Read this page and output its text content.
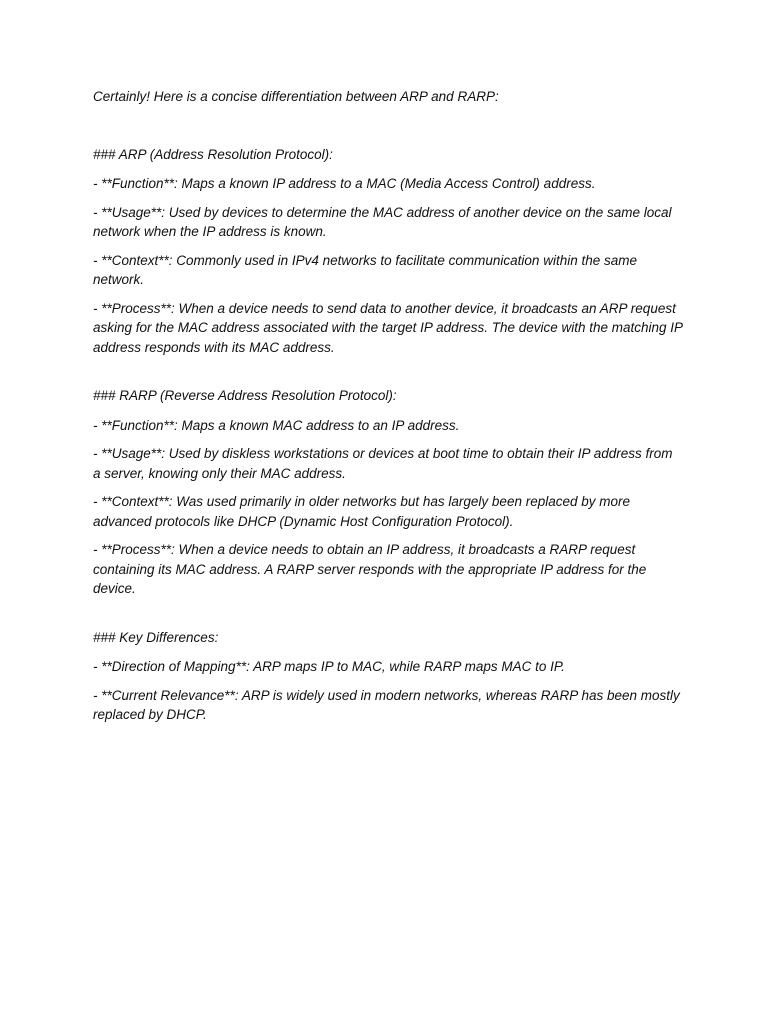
Certainly! Here is a concise differentiation between ARP and RARP:

### ARP (Address Resolution Protocol):

- **Function**: Maps a known IP address to a MAC (Media Access Control) address.

- **Usage**: Used by devices to determine the MAC address of another device on the same local network when the IP address is known.

- **Context**: Commonly used in IPv4 networks to facilitate communication within the same network.

- **Process**: When a device needs to send data to another device, it broadcasts an ARP request asking for the MAC address associated with the target IP address. The device with the matching IP address responds with its MAC address.

### RARP (Reverse Address Resolution Protocol):

- **Function**: Maps a known MAC address to an IP address.

- **Usage**: Used by diskless workstations or devices at boot time to obtain their IP address from a server, knowing only their MAC address.

- **Context**: Was used primarily in older networks but has largely been replaced by more advanced protocols like DHCP (Dynamic Host Configuration Protocol).

- **Process**: When a device needs to obtain an IP address, it broadcasts a RARP request containing its MAC address. A RARP server responds with the appropriate IP address for the device.

### Key Differences:

- **Direction of Mapping**: ARP maps IP to MAC, while RARP maps MAC to IP.

- **Current Relevance**: ARP is widely used in modern networks, whereas RARP has been mostly replaced by DHCP.
